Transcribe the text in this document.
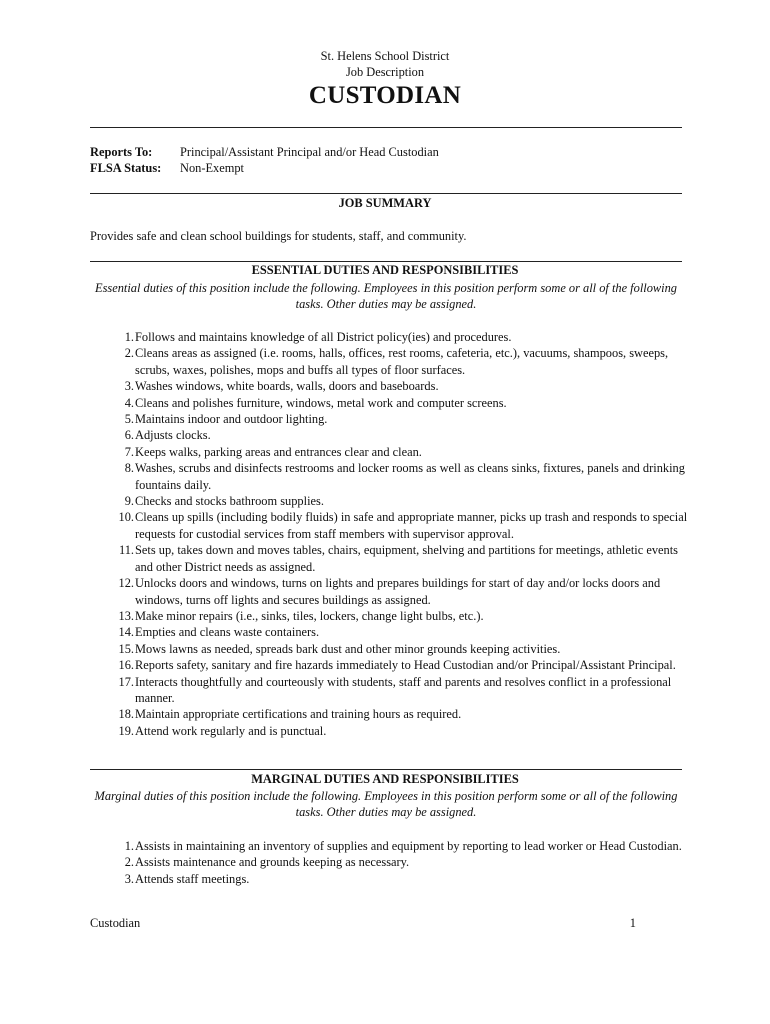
St. Helens School District
Job Description
CUSTODIAN
Reports To:	Principal/Assistant Principal and/or Head Custodian
FLSA Status:	Non-Exempt
JOB SUMMARY
Provides safe and clean school buildings for students, staff, and community.
ESSENTIAL DUTIES AND RESPONSIBILITIES
Essential duties of this position include the following. Employees in this position perform some or all of the following tasks. Other duties may be assigned.
1. Follows and maintains knowledge of all District policy(ies) and procedures.
2. Cleans areas as assigned (i.e. rooms, halls, offices, rest rooms, cafeteria, etc.), vacuums, shampoos, sweeps, scrubs, waxes, polishes, mops and buffs all types of floor surfaces.
3. Washes windows, white boards, walls, doors and baseboards.
4. Cleans and polishes furniture, windows, metal work and computer screens.
5. Maintains indoor and outdoor lighting.
6. Adjusts clocks.
7. Keeps walks, parking areas and entrances clear and clean.
8. Washes, scrubs and disinfects restrooms and locker rooms as well as cleans sinks, fixtures, panels and drinking fountains daily.
9. Checks and stocks bathroom supplies.
10. Cleans up spills (including bodily fluids) in safe and appropriate manner, picks up trash and responds to special requests for custodial services from staff members with supervisor approval.
11. Sets up, takes down and moves tables, chairs, equipment, shelving and partitions for meetings, athletic events and other District needs as assigned.
12. Unlocks doors and windows, turns on lights and prepares buildings for start of day and/or locks doors and windows, turns off lights and secures buildings as assigned.
13. Make minor repairs (i.e., sinks, tiles, lockers, change light bulbs, etc.).
14. Empties and cleans waste containers.
15. Mows lawns as needed, spreads bark dust and other minor grounds keeping activities.
16. Reports safety, sanitary and fire hazards immediately to Head Custodian and/or Principal/Assistant Principal.
17. Interacts thoughtfully and courteously with students, staff and parents and resolves conflict in a professional manner.
18. Maintain appropriate certifications and training hours as required.
19. Attend work regularly and is punctual.
MARGINAL DUTIES AND RESPONSIBILITIES
Marginal duties of this position include the following. Employees in this position perform some or all of the following tasks. Other duties may be assigned.
1. Assists in maintaining an inventory of supplies and equipment by reporting to lead worker or Head Custodian.
2. Assists maintenance and grounds keeping as necessary.
3. Attends staff meetings.
Custodian	1
